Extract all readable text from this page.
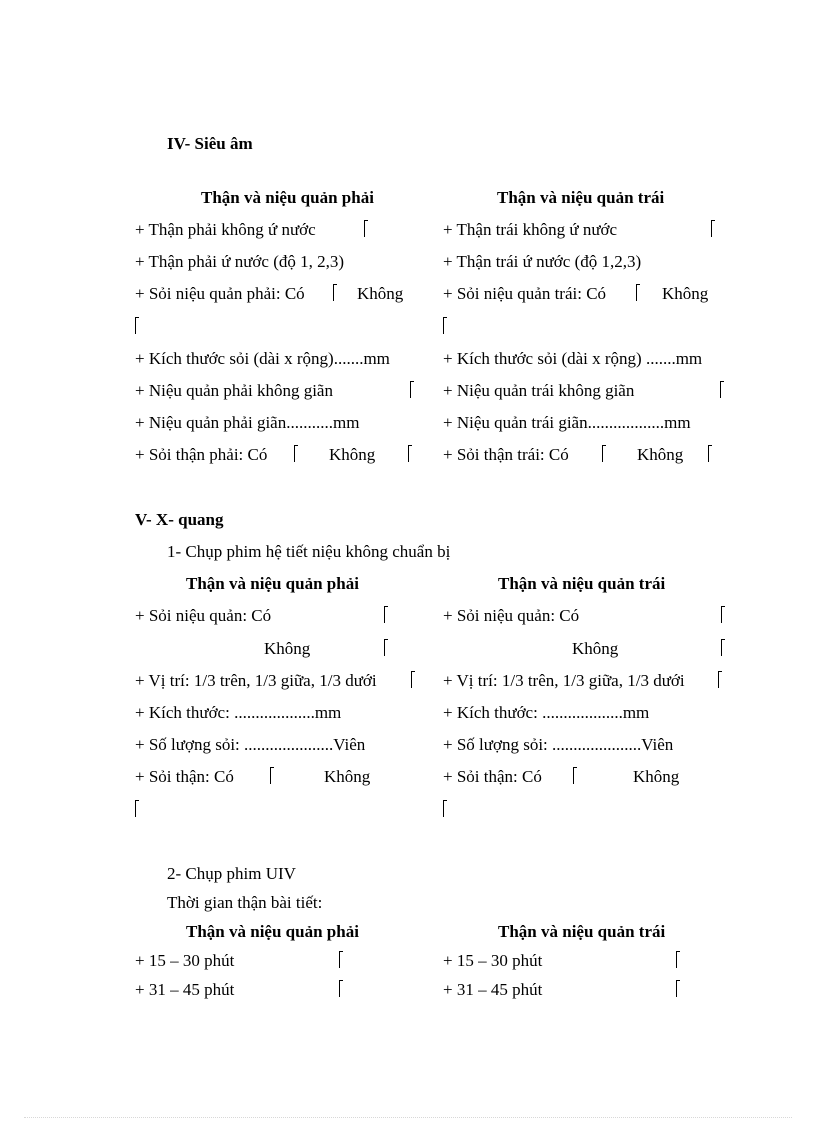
IV- Siêu âm
Thận và niệu quản phải	Thận và niệu quản trái
+ Thận phải không ứ nước	+ Thận trái không ứ nước
+ Thận phải ứ nước (độ 1, 2,3)	+ Thận trái ứ nước (độ 1,2,3)
+ Sỏi niệu quản phải: Có	Không + Sỏi niệu quản trái: Có	Không
+ Kích thước sỏi (dài x rộng).......mm	+ Kích thước sỏi (dài x rộng) .......mm
+ Niệu quản phải không giãn	+ Niệu quản trái không giãn
+ Niệu quản phải giãn...........mm	+ Niệu quản trái giãn..................mm
+ Sỏi thận phải: Có	Không	+ Sỏi thận trái: Có	Không
V- X- quang
1- Chụp phim hệ tiết niệu không chuẩn bị
Thận và niệu quản phải	Thận và niệu quản trái
+ Sỏi niệu quản: Có	+ Sỏi niệu quản: Có
Không	Không
+ Vị trí: 1/3 trên, 1/3 giữa, 1/3 dưới	+ Vị trí: 1/3 trên, 1/3 giữa, 1/3 dưới
+ Kích thước: ...................mm	+ Kích thước: ...................mm
+ Số lượng sỏi: .....................Viên	+ Số lượng sỏi: .....................Viên
+ Sỏi thận: Có	Không	+ Sỏi thận: Có	Không
2- Chụp phim UIV
Thời gian thận bài tiết:
Thận và niệu quản phải	Thận và niệu quản trái
+ 15 – 30 phút	+ 15 – 30 phút
+ 31 – 45 phút	+ 31 – 45 phút
